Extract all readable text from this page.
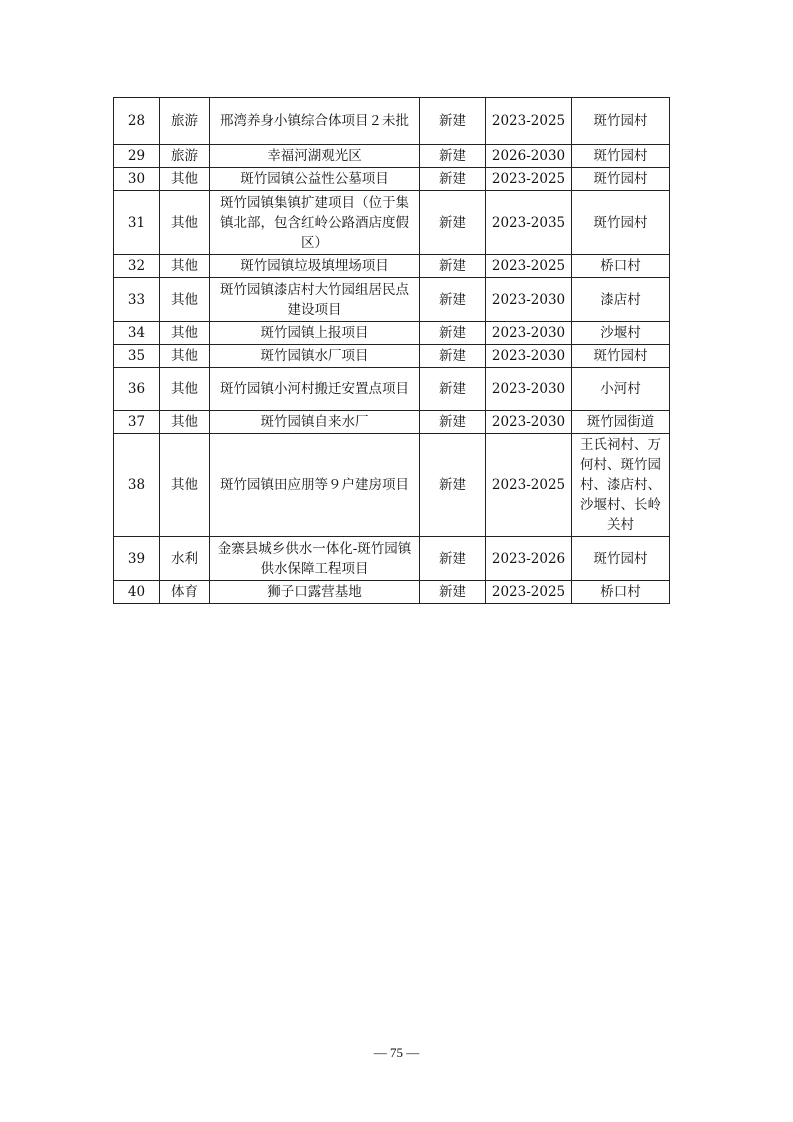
28	旅游	邢湾养身小镇综合体项目２未批	新建	2023-2025	斑竹园村
29	旅游	幸福河湖观光区	新建	2026-2030	斑竹园村
30	其他	斑竹园镇公益性公墓项目	新建	2023-2025	斑竹园村
31	其他	斑竹园镇集镇扩建项目（位于集镇北部，包含红岭公路酒店度假区）	新建	2023-2035	斑竹园村
32	其他	斑竹园镇垃圾填埋场项目	新建	2023-2025	桥口村
33	其他	斑竹园镇漆店村大竹园组居民点建设项目	新建	2023-2030	漆店村
34	其他	斑竹园镇上报项目	新建	2023-2030	沙堰村
35	其他	斑竹园镇水厂项目	新建	2023-2030	斑竹园村
36	其他	斑竹园镇小河村搬迁安置点项目	新建	2023-2030	小河村
37	其他	斑竹园镇自来水厂	新建	2023-2030	斑竹园街道
38	其他	斑竹园镇田应朋等９户建房项目	新建	2023-2025	王氏祠村、万何村、斑竹园村、漆店村、沙堰村、长岭关村
39	水利	金寨县城乡供水一体化-斑竹园镇供水保障工程项目	新建	2023-2026	斑竹园村
40	体育	狮子口露营基地	新建	2023-2025	桥口村
— 75 —
